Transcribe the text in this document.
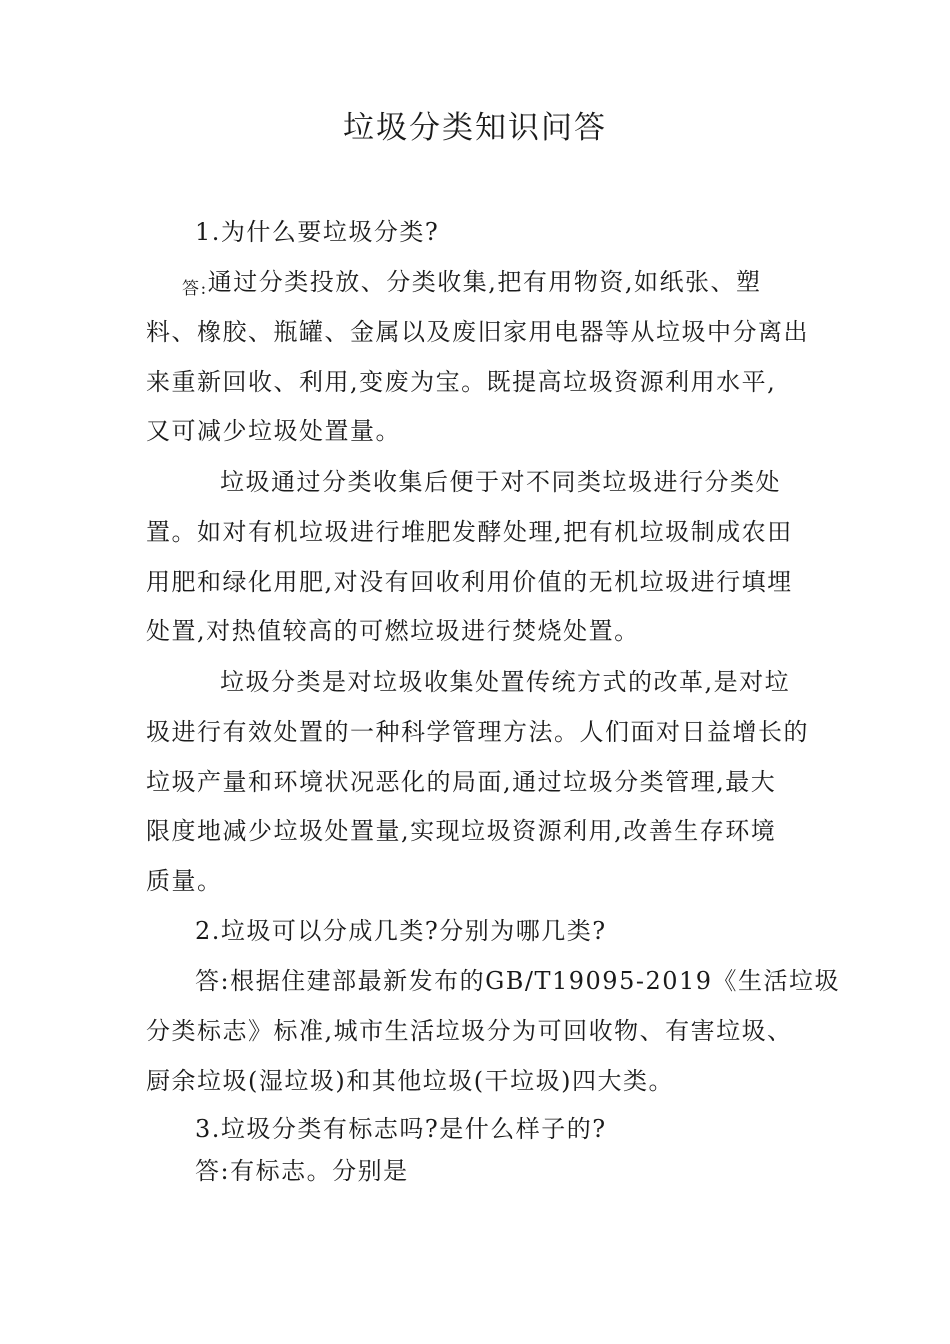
垃圾分类知识问答
1.为什么要垃圾分类?
答:通过分类投放、分类收集,把有用物资,如纸张、塑
料、橡胶、瓶罐、金属以及废旧家用电器等从垃圾中分离出
来重新回收、利用,变废为宝。既提高垃圾资源利用水平,
又可减少垃圾处置量。
垃圾通过分类收集后便于对不同类垃圾进行分类处
置。如对有机垃圾进行堆肥发酵处理,把有机垃圾制成农田
用肥和绿化用肥,对没有回收利用价值的无机垃圾进行填埋
处置,对热值较高的可燃垃圾进行焚烧处置。
垃圾分类是对垃圾收集处置传统方式的改革,是对垃
圾进行有效处置的一种科学管理方法。人们面对日益增长的
垃圾产量和环境状况恶化的局面,通过垃圾分类管理,最大
限度地减少垃圾处置量,实现垃圾资源利用,改善生存环境
质量。
2.垃圾可以分成几类?分别为哪几类?
答:根据住建部最新发布的GB/T19095-2019《生活垃圾
分类标志》标准,城市生活垃圾分为可回收物、有害垃圾、
厨余垃圾(湿垃圾)和其他垃圾(干垃圾)四大类。
3.垃圾分类有标志吗?是什么样子的?
答:有标志。分别是
